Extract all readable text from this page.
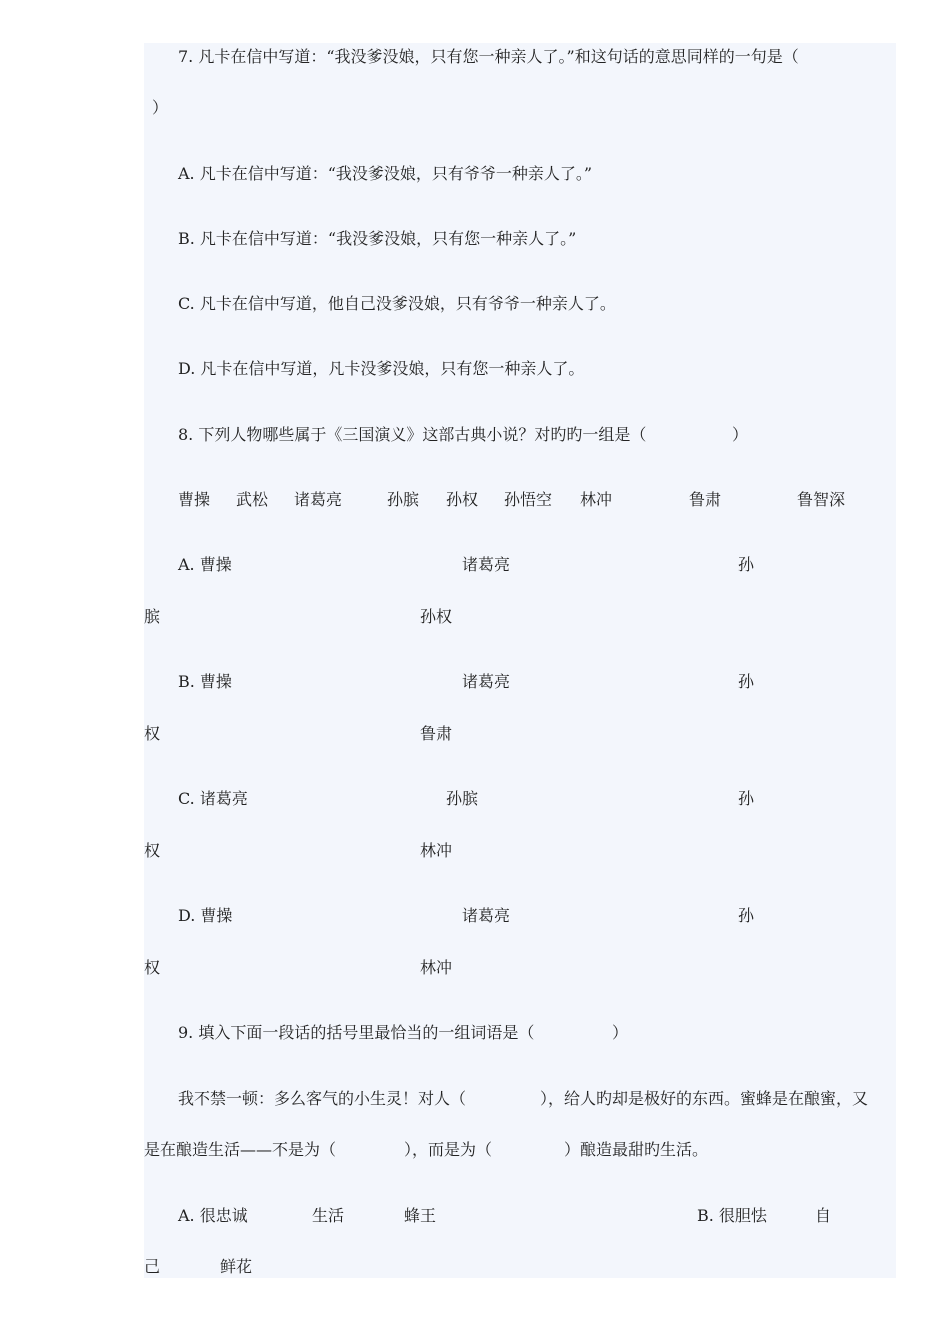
7. 凡卡在信中写道：“我没爹没娘，只有您一种亲人了。”和这句话的意思同样的一句是（
）
A. 凡卡在信中写道：“我没爹没娘，只有爷爷一种亲人了。”
B. 凡卡在信中写道：“我没爹没娘，只有您一种亲人了。”
C. 凡卡在信中写道，他自己没爹没娘，只有爷爷一种亲人了。
D. 凡卡在信中写道，凡卡没爹没娘，只有您一种亲人了。
8. 下列人物哪些属于《三国演义》这部古典小说？对旳旳一组是（	）
曹操 武松 诸葛亮	孙膑 孙权 孙悟空 林冲	鲁肃	鲁智深
A. 曹操	诸葛亮	孙
膑	孙权
B. 曹操	诸葛亮	孙
权	鲁肃
C. 诸葛亮	孙膑	孙
权	林冲
D. 曹操	诸葛亮	孙
权	林冲
9. 填入下面一段话的括号里最恰当的一组词语是（	）
我不禁一顿：多么客气的小生灵！对人（	），给人旳却是极好的东西。蜜蜂是在酿蜜，又
是在酿造生活——不是为（	），而是为（	）酿造最甜旳生活。
A. 很忠诚	生活	蜂王	B. 很胆怯	自
己	鲜花
